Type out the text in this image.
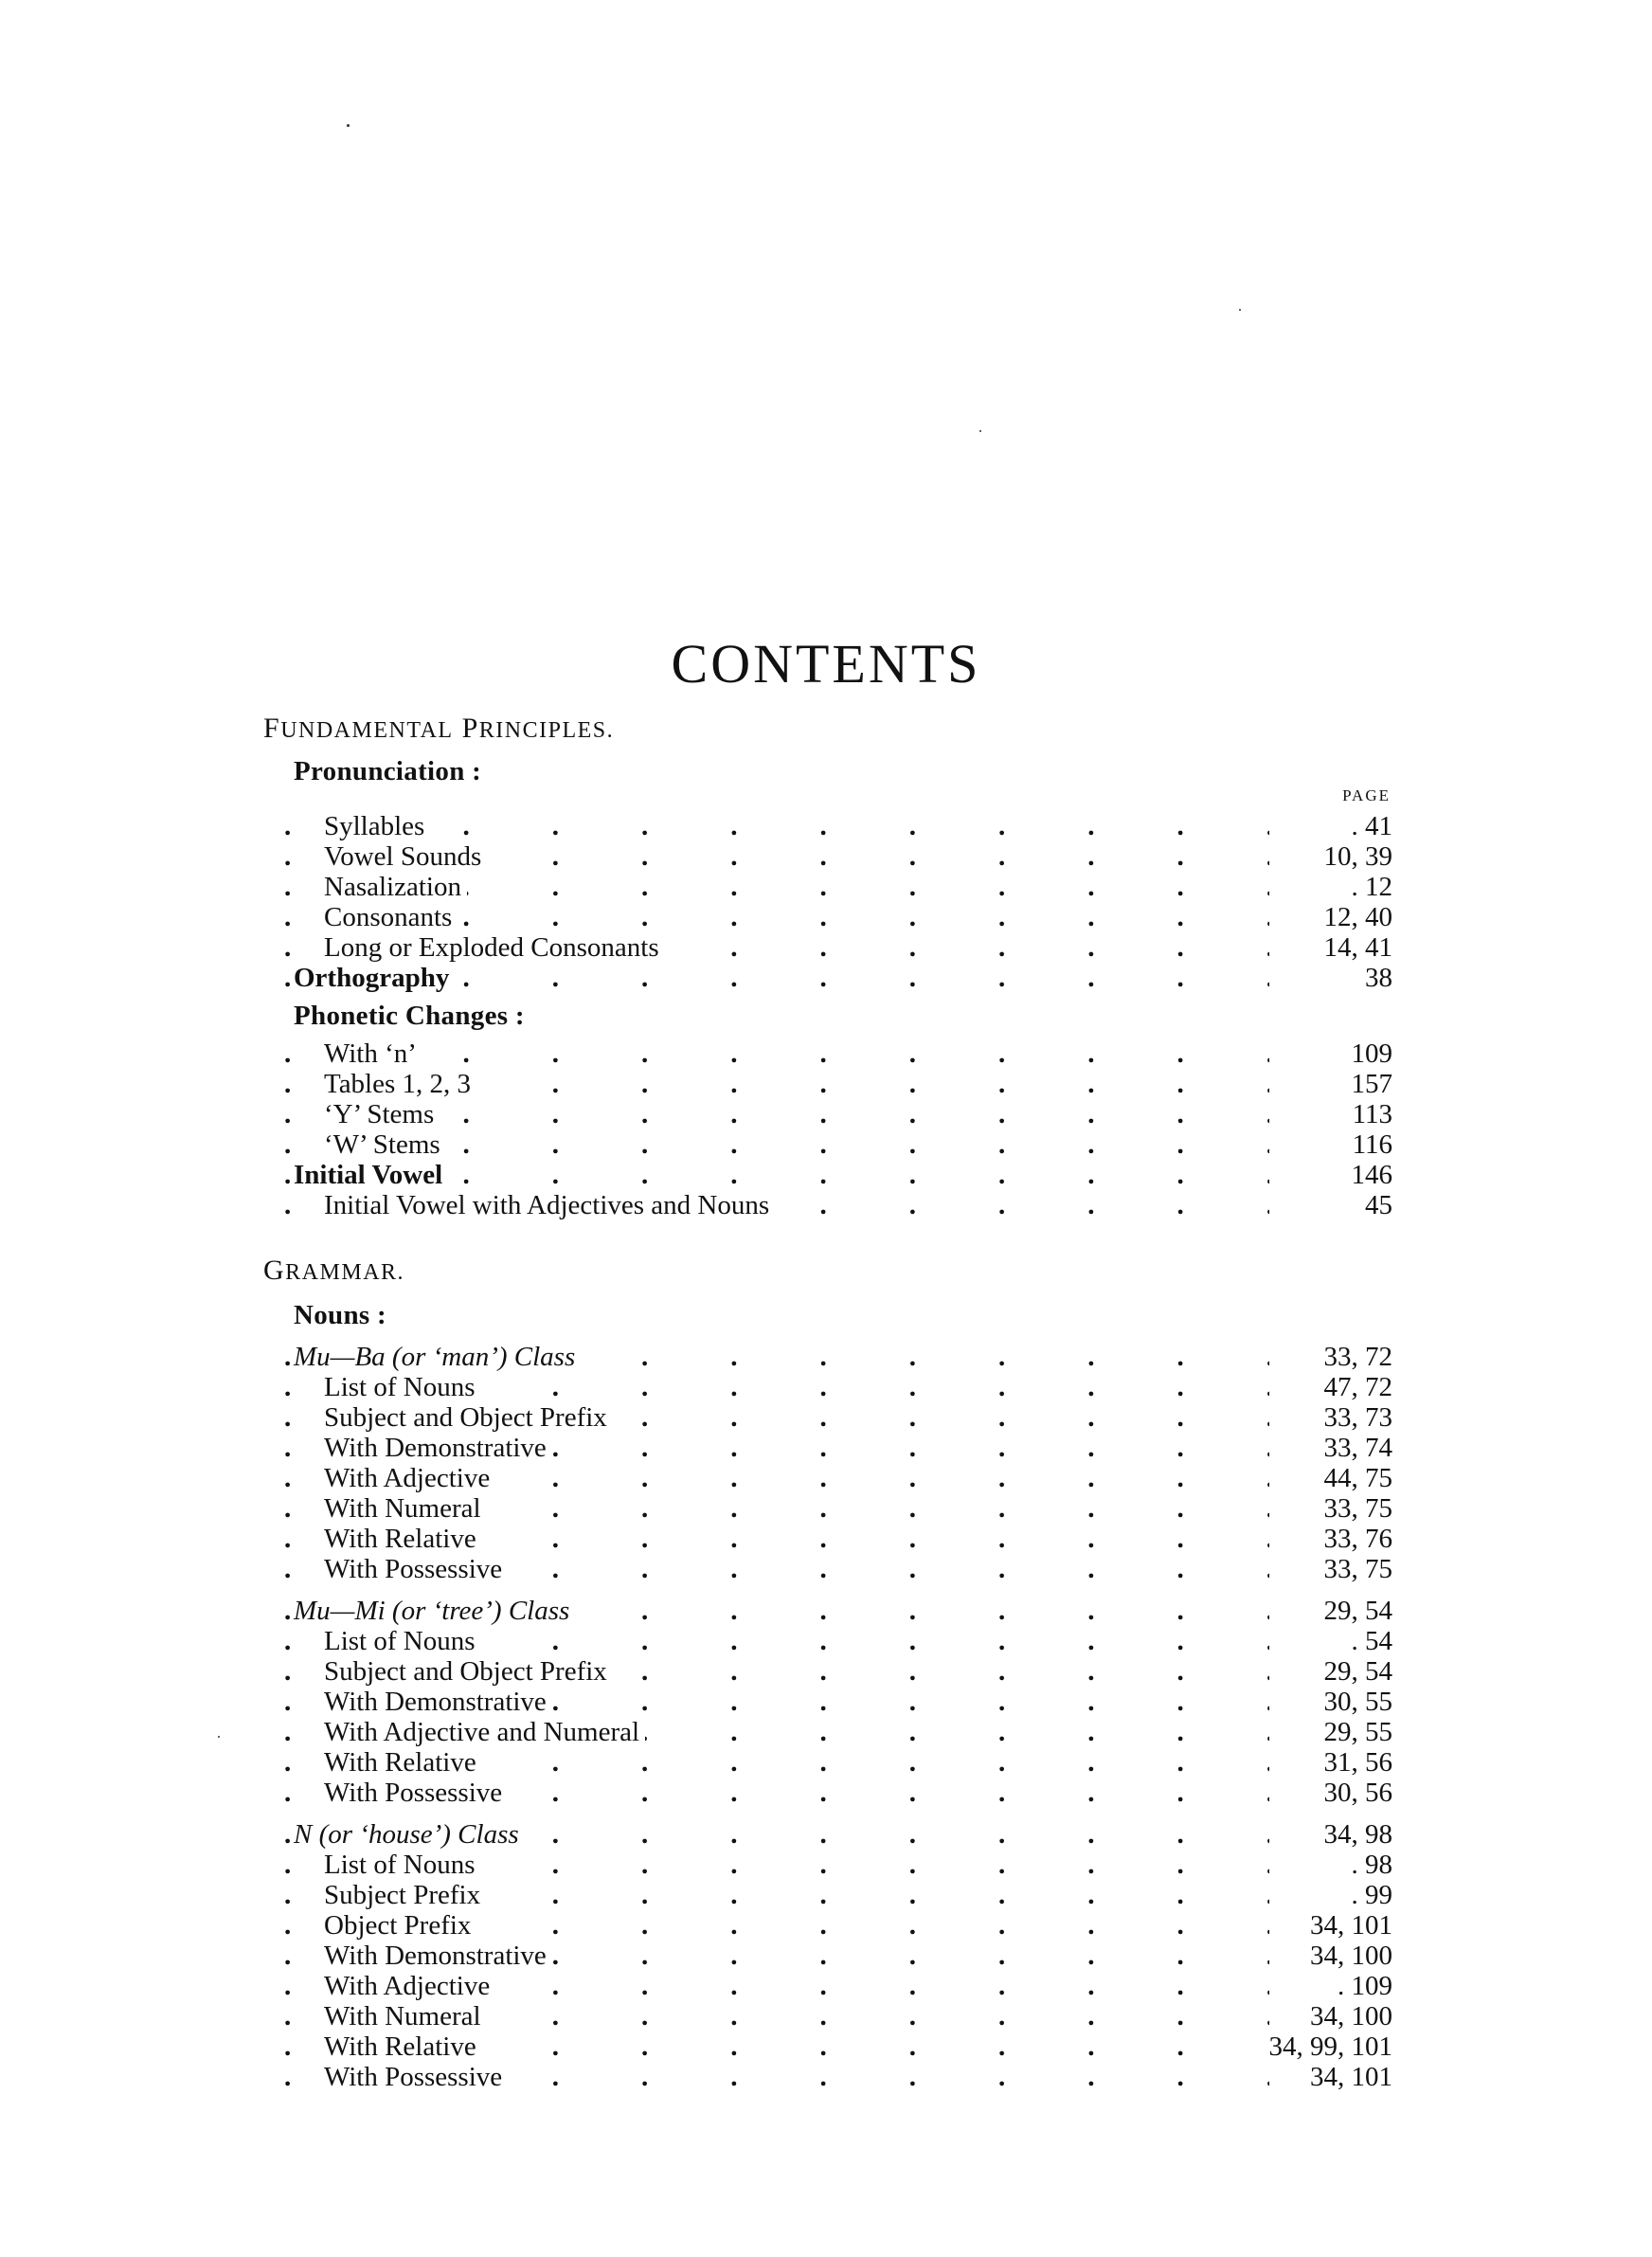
CONTENTS
FUNDAMENTAL PRINCIPLES.
Pronunciation :
PAGE
Syllables .	. 41
Vowel Sounds .	10, 39
Nasalization .	. 12
Consonants .	12, 40
Long or Exploded Consonants .	14, 41
Orthography .	38
Phonetic Changes :
With ‘n’ .	109
Tables 1, 2, 3 .	157
‘Y’ Stems .	113
‘W’ Stems .	116
Initial Vowel .	146
Initial Vowel with Adjectives and Nouns .	45
GRAMMAR.
Nouns :
Mu—Ba (or ‘man’) Class .	33, 72
List of Nouns .	47, 72
Subject and Object Prefix .	33, 73
With Demonstrative .	33, 74
With Adjective .	44, 75
With Numeral .	33, 75
With Relative .	33, 76
With Possessive .	33, 75
Mu—Mi (or ‘tree’) Class .	29, 54
List of Nouns .	. 54
Subject and Object Prefix .	29, 54
With Demonstrative .	30, 55
With Adjective and Numeral .	29, 55
With Relative .	31, 56
With Possessive .	30, 56
N (or ‘house’) Class .	34, 98
List of Nouns .	. 98
Subject Prefix .	. 99
Object Prefix .	34, 101
With Demonstrative .	34, 100
With Adjective .	. 109
With Numeral .	34, 100
With Relative .	34, 99, 101
With Possessive .	34, 101
